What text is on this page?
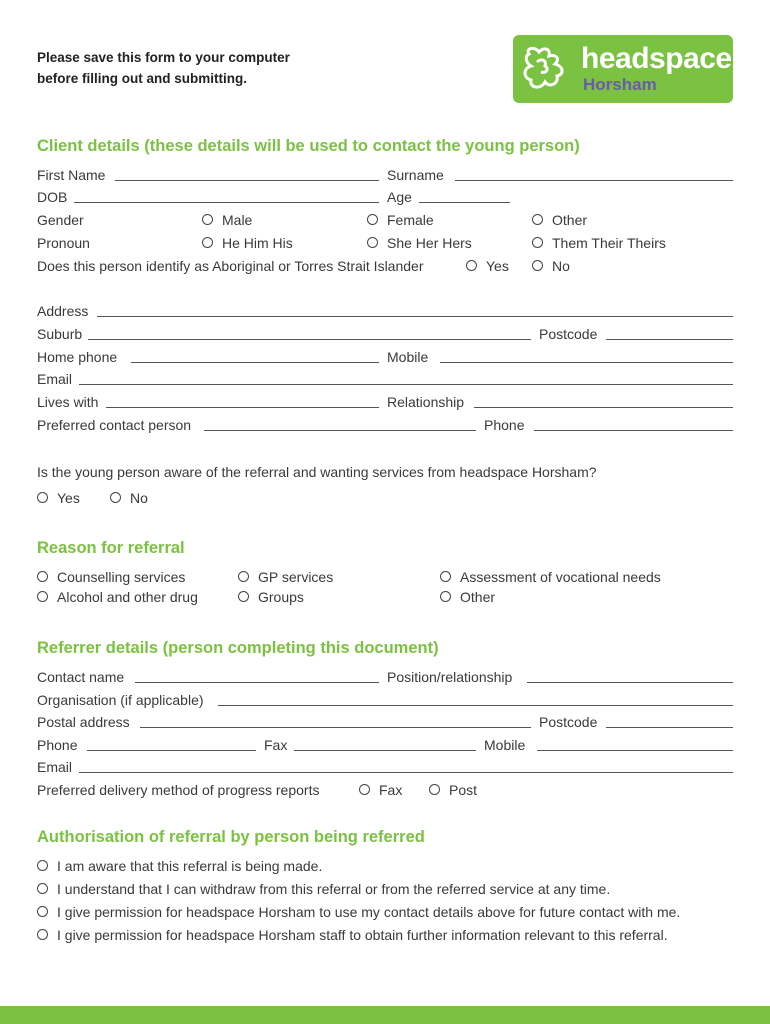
Please save this form to your computer
before filling out and submitting.
headspace
Horsham
Client details (these details will be used to contact the young person)
First Name	Surname
DOB	Age
Gender	Male	Female	Other
Pronoun	He Him His	She Her Hers	Them Their Theirs
Does this person identify as Aboriginal or Torres Strait Islander	Yes	No
Address
Suburb	Postcode
Home phone	Mobile
Email
Lives with	Relationship
Preferred contact person	Phone
Is the young person aware of the referral and wanting services from headspace Horsham?
Yes	No
Reason for referral
Counselling services	GP services	Assessment of vocational needs
Alcohol and other drug	Groups	Other
Referrer details (person completing this document)
Contact name	Position/relationship
Organisation (if applicable)
Postal address	Postcode
Phone	Fax	Mobile
Email
Preferred delivery method of progress reports	Fax	Post
Authorisation of referral by person being referred
I am aware that this referral is being made.
I understand that I can withdraw from this referral or from the referred service at any time.
I give permission for headspace Horsham to use my contact details above for future contact with me.
I give permission for headspace Horsham staff to obtain further information relevant to this referral.
